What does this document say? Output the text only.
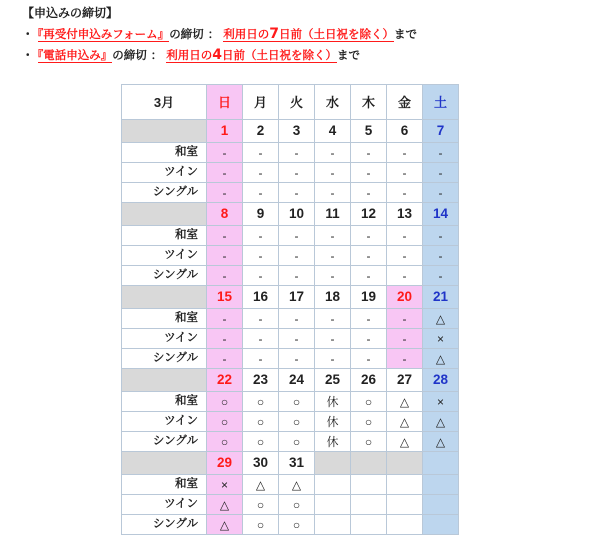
【申込みの締切】
・ 『再受付申込みフォーム』の締切 ： 利用日の7日前（土日祝を除く）まで
・ 『電話申込み』の締切 ： 利用日の4日前（土日祝を除く）まで
3月	日	月	火	水	木	金	土
	1	2	3	4	5	6	7
和室	-	-	-	-	-	-	-
ツイン	-	-	-	-	-	-	-
シングル	-	-	-	-	-	-	-
	8	9	10	11	12	13	14
和室	-	-	-	-	-	-	-
ツイン	-	-	-	-	-	-	-
シングル	-	-	-	-	-	-	-
	15	16	17	18	19	20	21
和室	-	-	-	-	-	-	△
ツイン	-	-	-	-	-	-	×
シングル	-	-	-	-	-	-	△
	22	23	24	25	26	27	28
和室	○	○	○	休	○	△	×
ツイン	○	○	○	休	○	△	△
シングル	○	○	○	休	○	△	△
	29	30	31				
和室	×	△	△				
ツイン	△	○	○				
シングル	△	○	○				
